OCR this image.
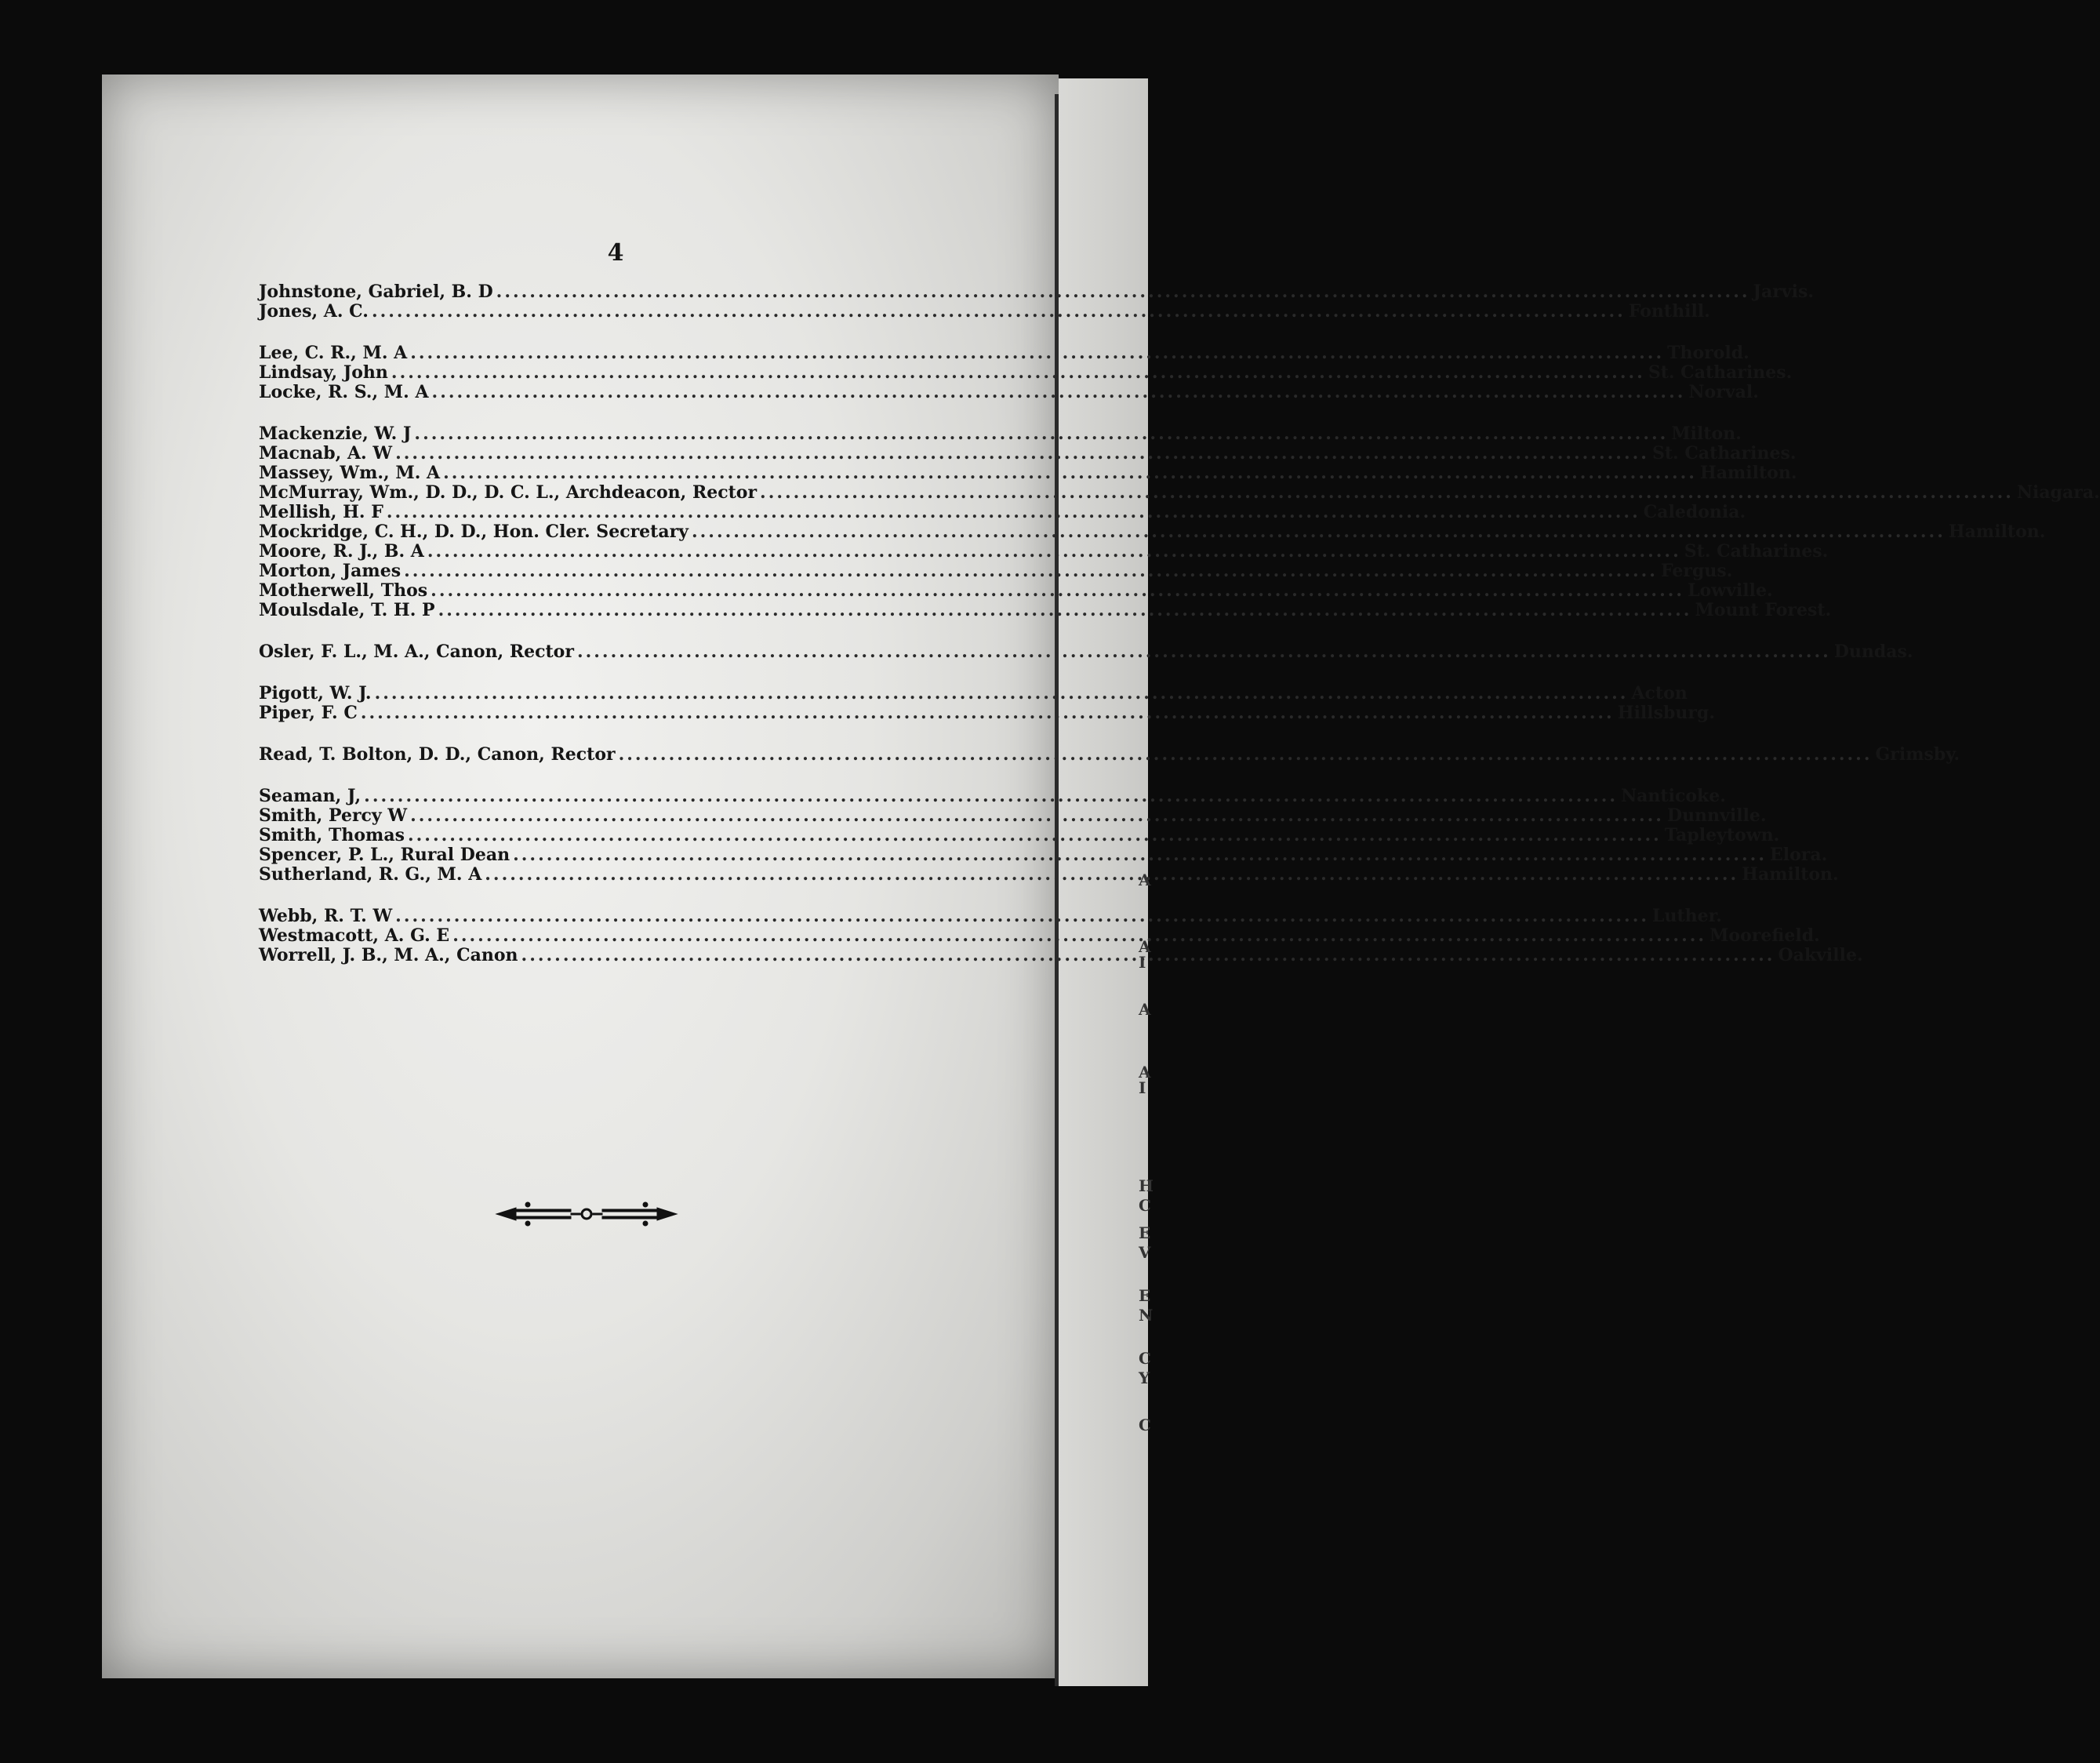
4
Johnstone, Gabriel, B. D .....	Jarvis.
Jones, A. C. .....	Fonthill.
Lee, C. R., M. A .....	Thorold.
Lindsay, John .....	St. Catharines.
Locke, R. S., M. A .....	Norval.
Mackenzie, W. J .....	Milton.
Macnab, A. W .....	St. Catharines.
Massey, Wm., M. A .....	Hamilton.
McMurray, Wm., D. D., D. C. L., Archdeacon, Rector .....	Niagara.
Mellish, H. F .....	Caledonia.
Mockridge, C. H., D. D., Hon. Cler. Secretary .....	Hamilton.
Moore, R. J., B. A .....	St. Catharines.
Morton, James .....	Fergus.
Motherwell, Thos .....	Lowville.
Moulsdale, T. H. P .....	Mount Forest.
Osler, F. L., M. A., Canon, Rector .....	Dundas.
Pigott, W. J. .....	Acton
Piper, F. C .....	Hillsburg.
Read, T. Bolton, D. D., Canon, Rector .....	Grimsby.
Seaman, J, .....	Nanticoke.
Smith, Percy W .....	Dunnville.
Smith, Thomas .....	Tapleytown.
Spencer, P. L., Rural Dean .....	Elora.
Sutherland, R. G., M. A .....	Hamilton.
Webb, R. T. W .....	Luther.
Westmacott, A. G. E .....	Moorefield.
Worrell, J. B., M. A., Canon .....	Oakville.
A
A
I
A
A
I
H
C
E
V
E
N
C
Y
C
